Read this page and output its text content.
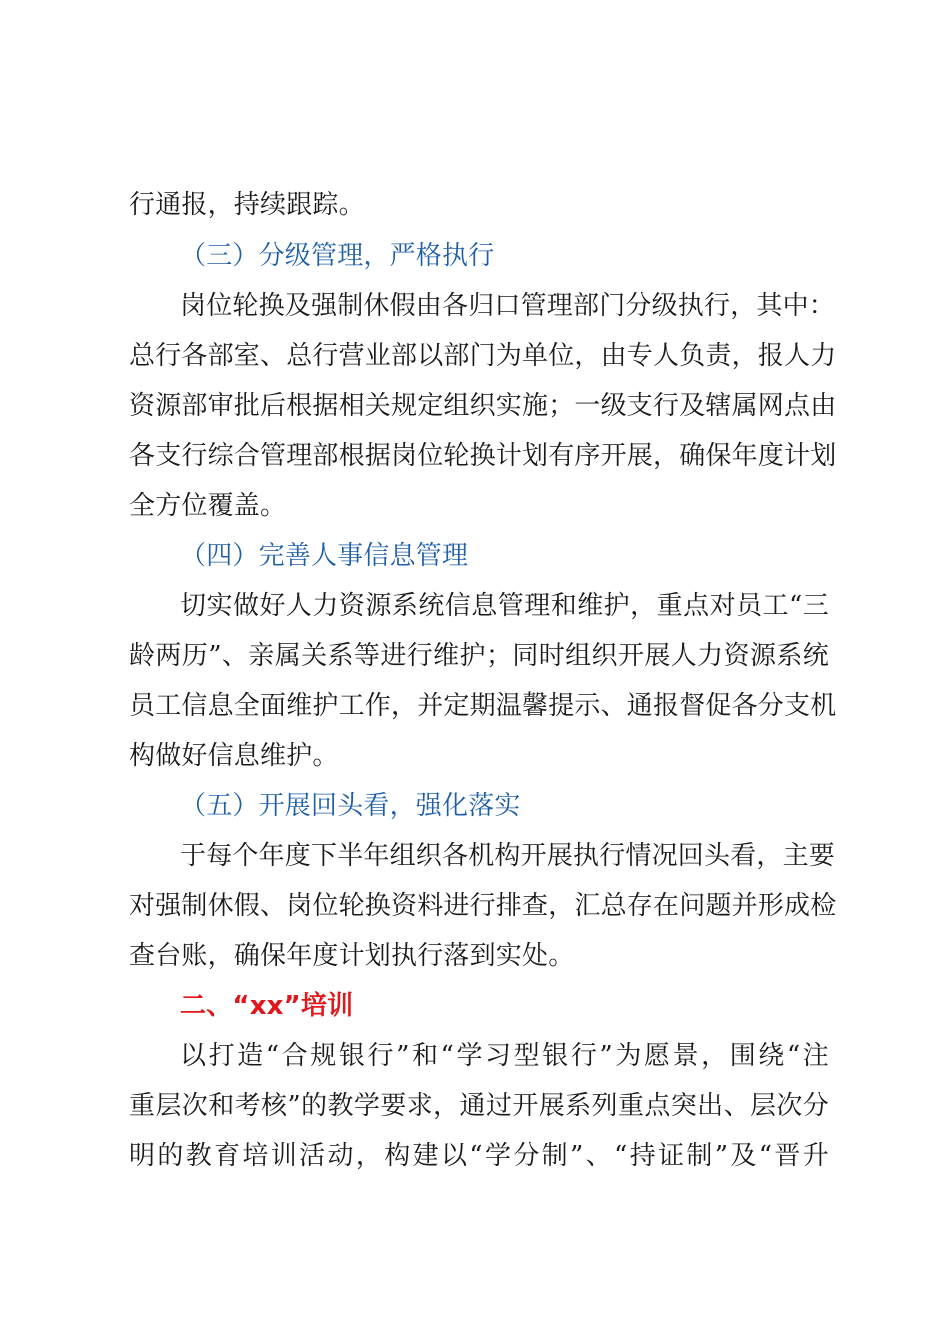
行通报，持续跟踪。
（三）分级管理，严格执行
岗位轮换及强制休假由各归口管理部门分级执行，其中：
总行各部室、总行营业部以部门为单位，由专人负责，报人力
资源部审批后根据相关规定组织实施；一级支行及辖属网点由
各支行综合管理部根据岗位轮换计划有序开展，确保年度计划
全方位覆盖。
（四）完善人事信息管理
切实做好人力资源系统信息管理和维护，重点对员工“三
龄两历”、亲属关系等进行维护；同时组织开展人力资源系统
员工信息全面维护工作，并定期温馨提示、通报督促各分支机
构做好信息维护。
（五）开展回头看，强化落实
于每个年度下半年组织各机构开展执行情况回头看，主要
对强制休假、岗位轮换资料进行排查，汇总存在问题并形成检
查台账，确保年度计划执行落到实处。
二、“xx”培训
以打造“合规银行”和“学习型银行”为愿景，围绕“注
重层次和考核”的教学要求，通过开展系列重点突出、层次分
明的教育培训活动，构建以“学分制”、“持证制”及“晋升
